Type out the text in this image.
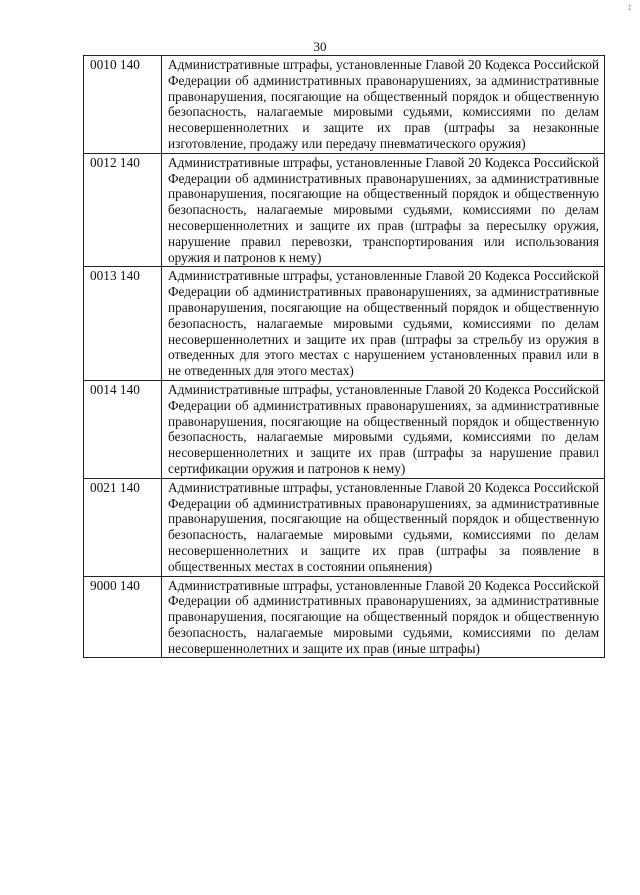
‡
30
0010 140	Административные штрафы, установленные Главой 20 Кодекса Российской Федерации об административных правонарушениях, за административные правонарушения, посягающие на общественный порядок и общественную безопасность, налагаемые мировыми судьями, комиссиями по делам несовершеннолетних и защите их прав (штрафы за незаконные изготовление, продажу или передачу пневматического оружия)
0012 140	Административные штрафы, установленные Главой 20 Кодекса Российской Федерации об административных правонарушениях, за административные правонарушения, посягающие на общественный порядок и общественную безопасность, налагаемые мировыми судьями, комиссиями по делам несовершеннолетних и защите их прав (штрафы за пересылку оружия, нарушение правил перевозки, транспортирования или использования оружия и патронов к нему)
0013 140	Административные штрафы, установленные Главой 20 Кодекса Российской Федерации об административных правонарушениях, за административные правонарушения, посягающие на общественный порядок и общественную безопасность, налагаемые мировыми судьями, комиссиями по делам несовершеннолетних и защите их прав (штрафы за стрельбу из оружия в отведенных для этого местах с нарушением установленных правил или в не отведенных для этого местах)
0014 140	Административные штрафы, установленные Главой 20 Кодекса Российской Федерации об административных правонарушениях, за административные правонарушения, посягающие на общественный порядок и общественную безопасность, налагаемые мировыми судьями, комиссиями по делам несовершеннолетних и защите их прав (штрафы за нарушение правил сертификации оружия и патронов к нему)
0021 140	Административные штрафы, установленные Главой 20 Кодекса Российской Федерации об административных правонарушениях, за административные правонарушения, посягающие на общественный порядок и общественную безопасность, налагаемые мировыми судьями, комиссиями по делам несовершеннолетних и защите их прав (штрафы за появление в общественных местах в состоянии опьянения)
9000 140	Административные штрафы, установленные Главой 20 Кодекса Российской Федерации об административных правонарушениях, за административные правонарушения, посягающие на общественный порядок и общественную безопасность, налагаемые мировыми судьями, комиссиями по делам несовершеннолетних и защите их прав (иные штрафы)
